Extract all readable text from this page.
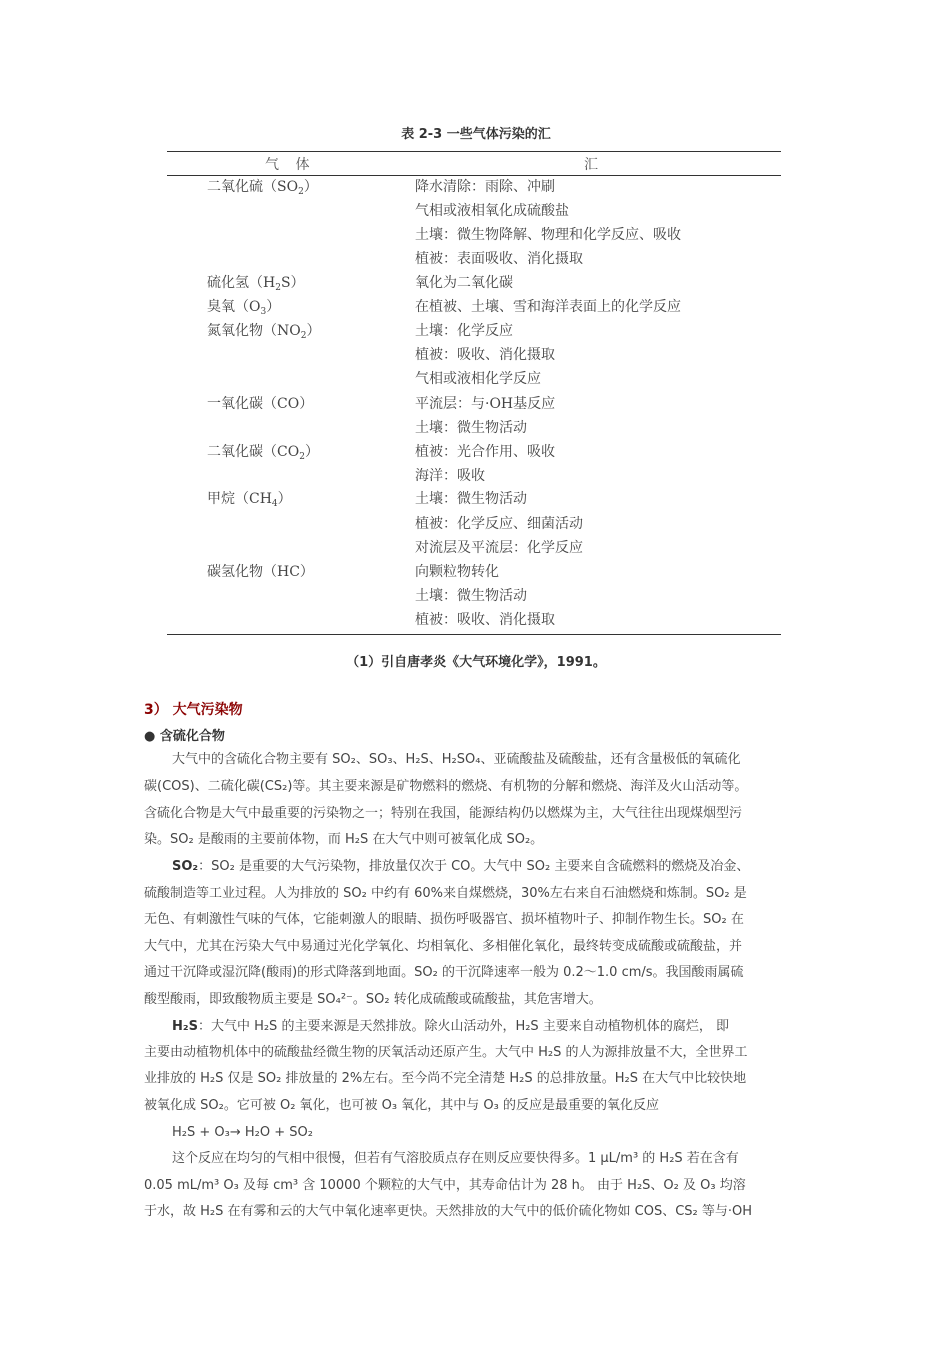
表 2-3 一些气体污染的汇
气 体	汇
二氧化硫$(SO_2)$
硫化氢$(H_2S)$
臭氧$(O_3)$
氮氧化物$(NO_2)$
一氧化碳（CO）
二氧化碳$(CO_2)$
甲烷$(CH_4)$
碳氢化物（HC）
降水清除：雨除、冲刷
气相或液相氧化成硫酸盐
土壤：微生物降解、物理和化学反应、吸收
植被：表面吸收、消化摄取
氧化为二氧化碳
在植被、土壤、雪和海洋表面上的化学反应
土壤：化学反应
植被：吸收、消化摄取
气相或液相化学反应
平流层：与·OH基反应
土壤：微生物活动
植被：光合作用、吸收
海洋：吸收
土壤：微生物活动
植被：化学反应、细菌活动
对流层及平流层：化学反应
向颗粒物转化
土壤：微生物活动
植被：吸收、消化摄取
（1）引自唐孝炎《大气环境化学》，1991。
3） 大气污染物
● 含硫化合物
大气中的含硫化合物主要有 SO₂、SO₃、H₂S、H₂SO₄、亚硫酸盐及硫酸盐，还有含量极低的氧硫化
碳(COS)、二硫化碳(CS₂)等。其主要来源是矿物燃料的燃烧、有机物的分解和燃烧、海洋及火山活动等。
含硫化合物是大气中最重要的污染物之一；特别在我国，能源结构仍以燃煤为主，大气往往出现煤烟型污
染。SO₂ 是酸雨的主要前体物，而 H₂S 在大气中则可被氧化成 SO₂。
SO₂：SO₂ 是重要的大气污染物，排放量仅次于 CO。大气中 SO₂ 主要来自含硫燃料的燃烧及冶金、
硫酸制造等工业过程。人为排放的 SO₂ 中约有 60%来自煤燃烧，30%左右来自石油燃烧和炼制。SO₂ 是
无色、有刺激性气味的气体，它能刺激人的眼睛、损伤呼吸器官、损坏植物叶子、抑制作物生长。SO₂ 在
大气中，尤其在污染大气中易通过光化学氧化、均相氧化、多相催化氧化，最终转变成硫酸或硫酸盐，并
通过干沉降或湿沉降(酸雨)的形式降落到地面。SO₂ 的干沉降速率一般为 0.2～1.0 cm/s。我国酸雨属硫
酸型酸雨，即致酸物质主要是 SO₄²⁻。SO₂ 转化成硫酸或硫酸盐，其危害增大。
H₂S：大气中 H₂S 的主要来源是天然排放。除火山活动外，H₂S 主要来自动植物机体的腐烂， 即
主要由动植物机体中的硫酸盐经微生物的厌氧活动还原产生。大气中 H₂S 的人为源排放量不大，全世界工
业排放的 H₂S 仅是 SO₂ 排放量的 2%左右。至今尚不完全清楚 H₂S 的总排放量。H₂S 在大气中比较快地
被氧化成 SO₂。它可被 O₂ 氧化，也可被 O₃ 氧化，其中与 O₃ 的反应是最重要的氧化反应
H₂S + O₃→ H₂O + SO₂
这个反应在均匀的气相中很慢，但若有气溶胶质点存在则反应要快得多。1 μL/m³ 的 H₂S 若在含有
0.05 mL/m³ O₃ 及每 cm³ 含 10000 个颗粒的大气中，其寿命估计为 28 h。 由于 H₂S、O₂ 及 O₃ 均溶
于水，故 H₂S 在有雾和云的大气中氧化速率更快。天然排放的大气中的低价硫化物如 COS、CS₂ 等与·OH
